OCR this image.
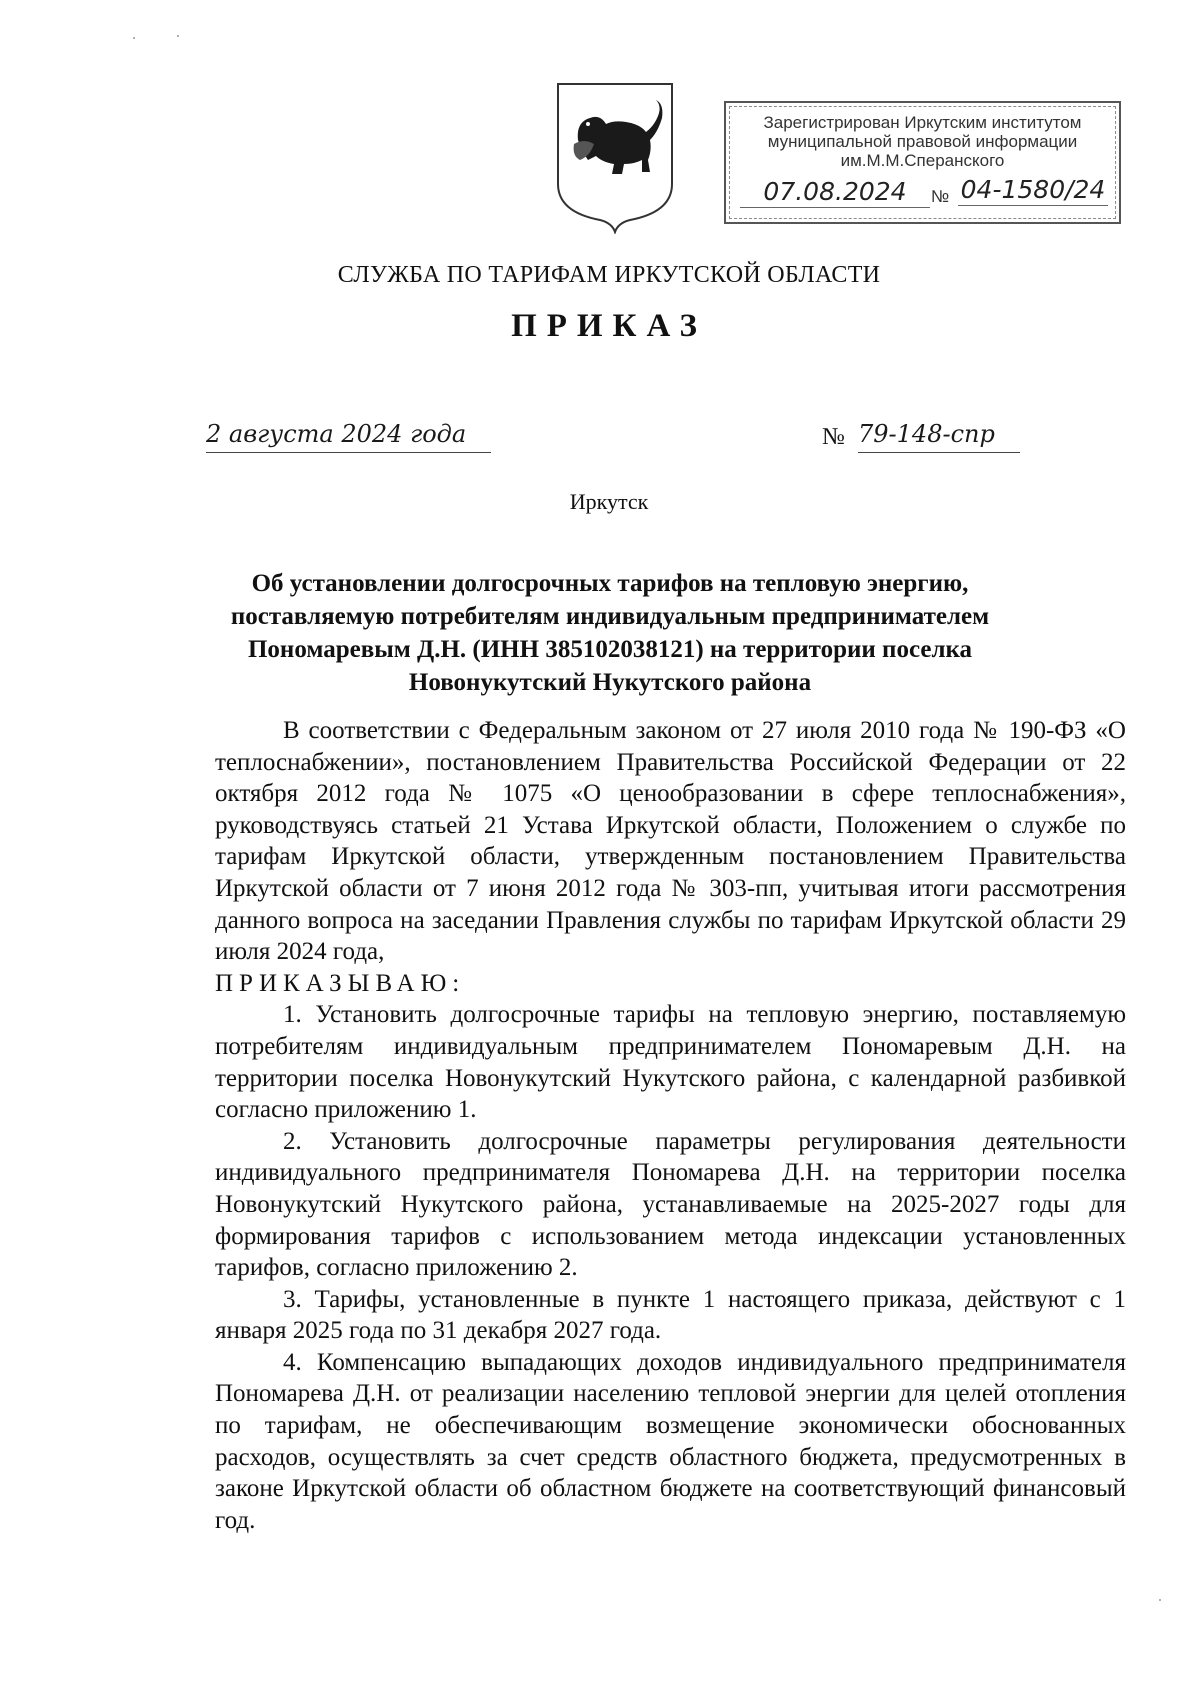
Зарегистрирован Иркутским институтом
муниципальной правовой информации
им.М.М.Сперанского
07.08.2024	№ 04-1580/24
СЛУЖБА ПО ТАРИФАМ ИРКУТСКОЙ ОБЛАСТИ
ПРИКАЗ
2 августа 2024 года	№ 79-148-спр
Иркутск
Об установлении долгосрочных тарифов на тепловую энергию,
поставляемую потребителям индивидуальным предпринимателем
Пономаревым Д.Н. (ИНН 385102038121) на территории поселка
Новонукутский Нукутского района

В соответствии с Федеральным законом от 27 июля 2010 года № 190-ФЗ «О теплоснабжении», постановлением Правительства Российской Федерации от 22 октября 2012 года № 1075 «О ценообразовании в сфере теплоснабжения», руководствуясь статьей 21 Устава Иркутской области, Положением о службе по тарифам Иркутской области, утвержденным постановлением Правительства Иркутской области от 7 июня 2012 года № 303-пп, учитывая итоги рассмотрения данного вопроса на заседании Правления службы по тарифам Иркутской области 29 июля 2024 года,

ПРИКАЗЫВАЮ:

1. Установить долгосрочные тарифы на тепловую энергию, поставляемую потребителям индивидуальным предпринимателем Пономаревым Д.Н. на территории поселка Новонукутский Нукутского района, с календарной разбивкой согласно приложению 1.

2. Установить долгосрочные параметры регулирования деятельности индивидуального предпринимателя Пономарева Д.Н. на территории поселка Новонукутский Нукутского района, устанавливаемые на 2025-2027 годы для формирования тарифов с использованием метода индексации установленных тарифов, согласно приложению 2.

3. Тарифы, установленные в пункте 1 настоящего приказа, действуют с 1 января 2025 года по 31 декабря 2027 года.

4. Компенсацию выпадающих доходов индивидуального предпринимателя Пономарева Д.Н. от реализации населению тепловой энергии для целей отопления по тарифам, не обеспечивающим возмещение экономически обоснованных расходов, осуществлять за счет средств областного бюджета, предусмотренных в законе Иркутской области об областном бюджете на соответствующий финансовый год.
